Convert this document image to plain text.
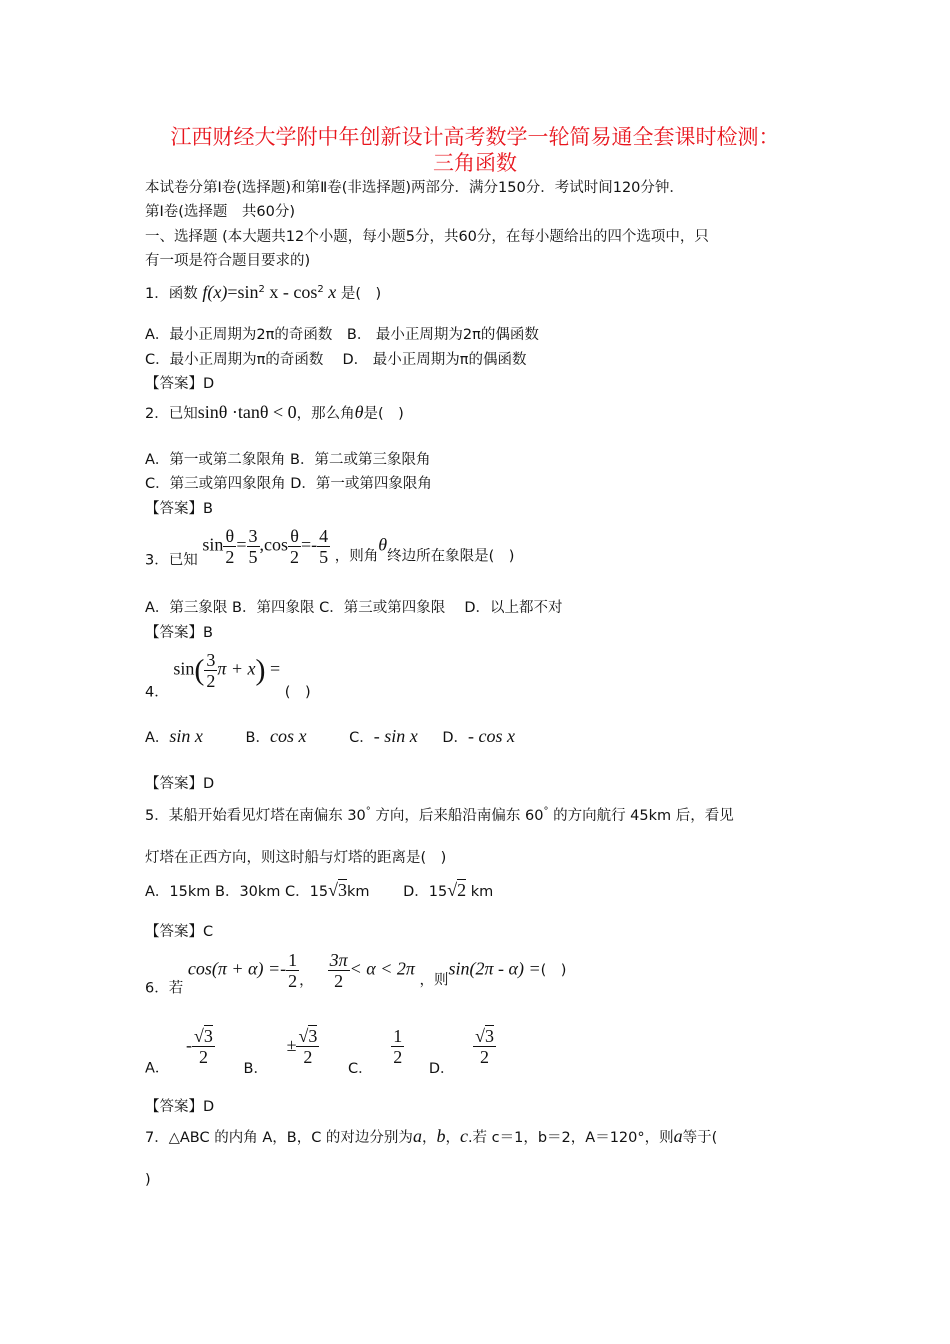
江西财经大学附中年创新设计高考数学一轮简易通全套课时检测：
三角函数
本试卷分第Ⅰ卷(选择题)和第Ⅱ卷(非选择题)两部分．满分150分．考试时间120分钟．
第Ⅰ卷(选择题　共60分)
一、选择题 (本大题共12个小题，每小题5分，共60分，在每小题给出的四个选项中，只
有一项是符合题目要求的)
1．函数 $f(x)=\sin^2$ x - $\cos^2 x$ 是(　)
A．最小正周期为2π的奇函数　B． 最小正周期为2π的偶函数
C．最小正周期为π的奇函数　 D． 最小正周期为π的偶函数
【答案】D
2．已知sinθ ·tanθ < 0，那么角θ是(　)
A．第一或第二象限角 B．第二或第三象限角
C．第三或第四象限角 D．第一或第四象限角
【答案】B
3．已知 $\sin \frac{\theta}{2} = \frac{3}{5} ,\cos \frac{\theta}{2} =- \frac{4}{5}$ ，则角θ终边所在象限是(　)
A．第三象限 B．第四象限 C．第三或第四象限　 D．以上都不对
【答案】B
4． $\sin( \frac{3}{2}$ π + x) = (　)
A．sin x	B．cos x	C．- sin x D．- cos x
【答案】D
5．某船开始看见灯塔在南偏东 30° 方向，后来船沿南偏东 60° 的方向航行 45km 后，看见
灯塔在正西方向，则这时船与灯塔的距离是(　)
A．15km B．30km C．15√3km　　 D．15√2 km
【答案】C
6．若 $\cos(\pi + \alpha) =- \frac{1}{2}$ ， $\frac{3\pi}{2} < \alpha < 2\pi$ ，则sin(2π - α) =(　)
A． - $\frac{√3}{2}$
B． ± $\frac{√3}{2}$
C．
$\frac{1}{2}$
D．
$\frac{√3}{2}$
【答案】D
7．△ABC 的内角 A，B，C 的对边分别为a，b，c.若 c＝1，b＝2，A＝120°，则a等于(
)
